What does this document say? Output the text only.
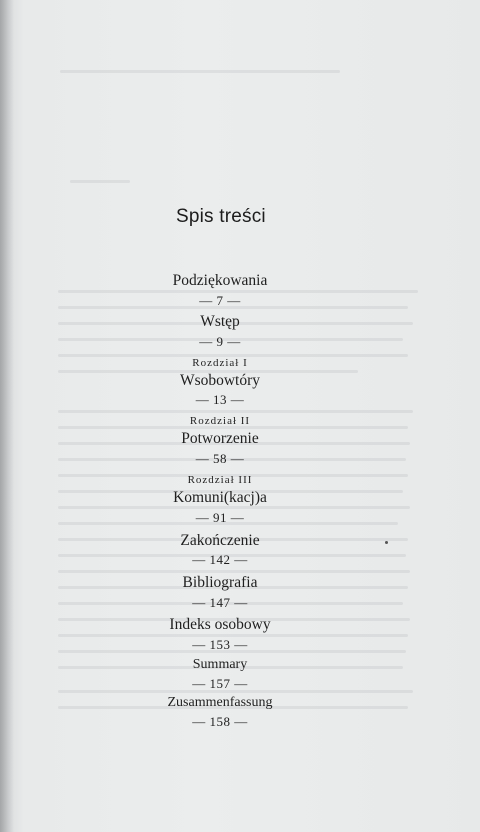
Spis treści
Podziękowania
— 7 —
Wstęp
— 9 —
Rozdział I
Wsobowtóry
— 13 —
Rozdział II
Potworzenie
— 58 —
Rozdział III
Komuni(kacj)a
— 91 —
Zakończenie
— 142 —
Bibliografia
— 147 —
Indeks osobowy
— 153 —
Summary
— 157 —
Zusammenfassung
— 158 —
